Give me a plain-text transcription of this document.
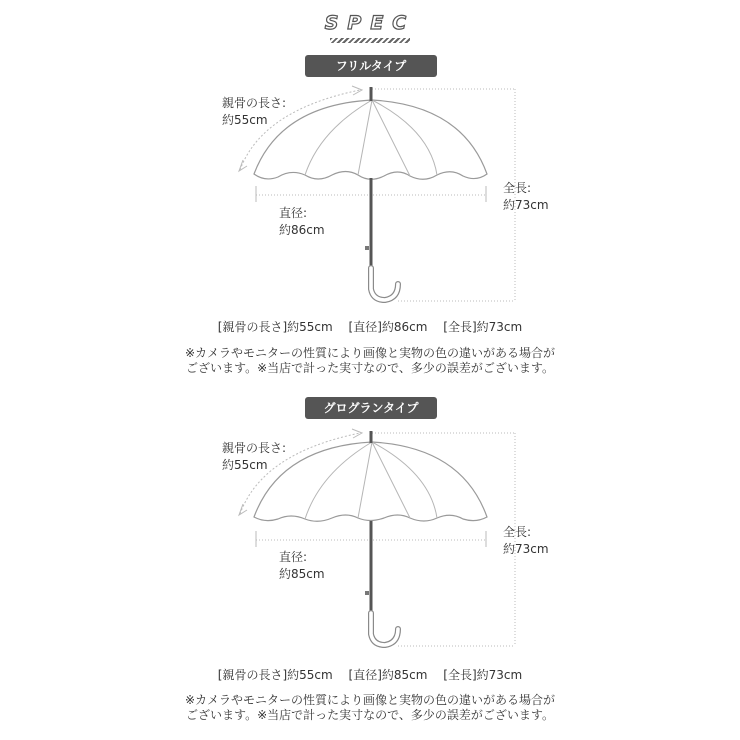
SPEC
フリルタイプ
親骨の長さ:
約55cm
直径:
約86cm
全長:
約73cm
[親骨の長さ]約55cm [直径]約86cm [全長]約73cm
※カメラやモニターの性質により画像と実物の色の違いがある場合が
ございます。※当店で計った実寸なので、多少の誤差がございます。
グログランタイプ
親骨の長さ:
約55cm
直径:
約85cm
全長:
約73cm
[親骨の長さ]約55cm [直径]約85cm [全長]約73cm
※カメラやモニターの性質により画像と実物の色の違いがある場合が
ございます。※当店で計った実寸なので、多少の誤差がございます。
